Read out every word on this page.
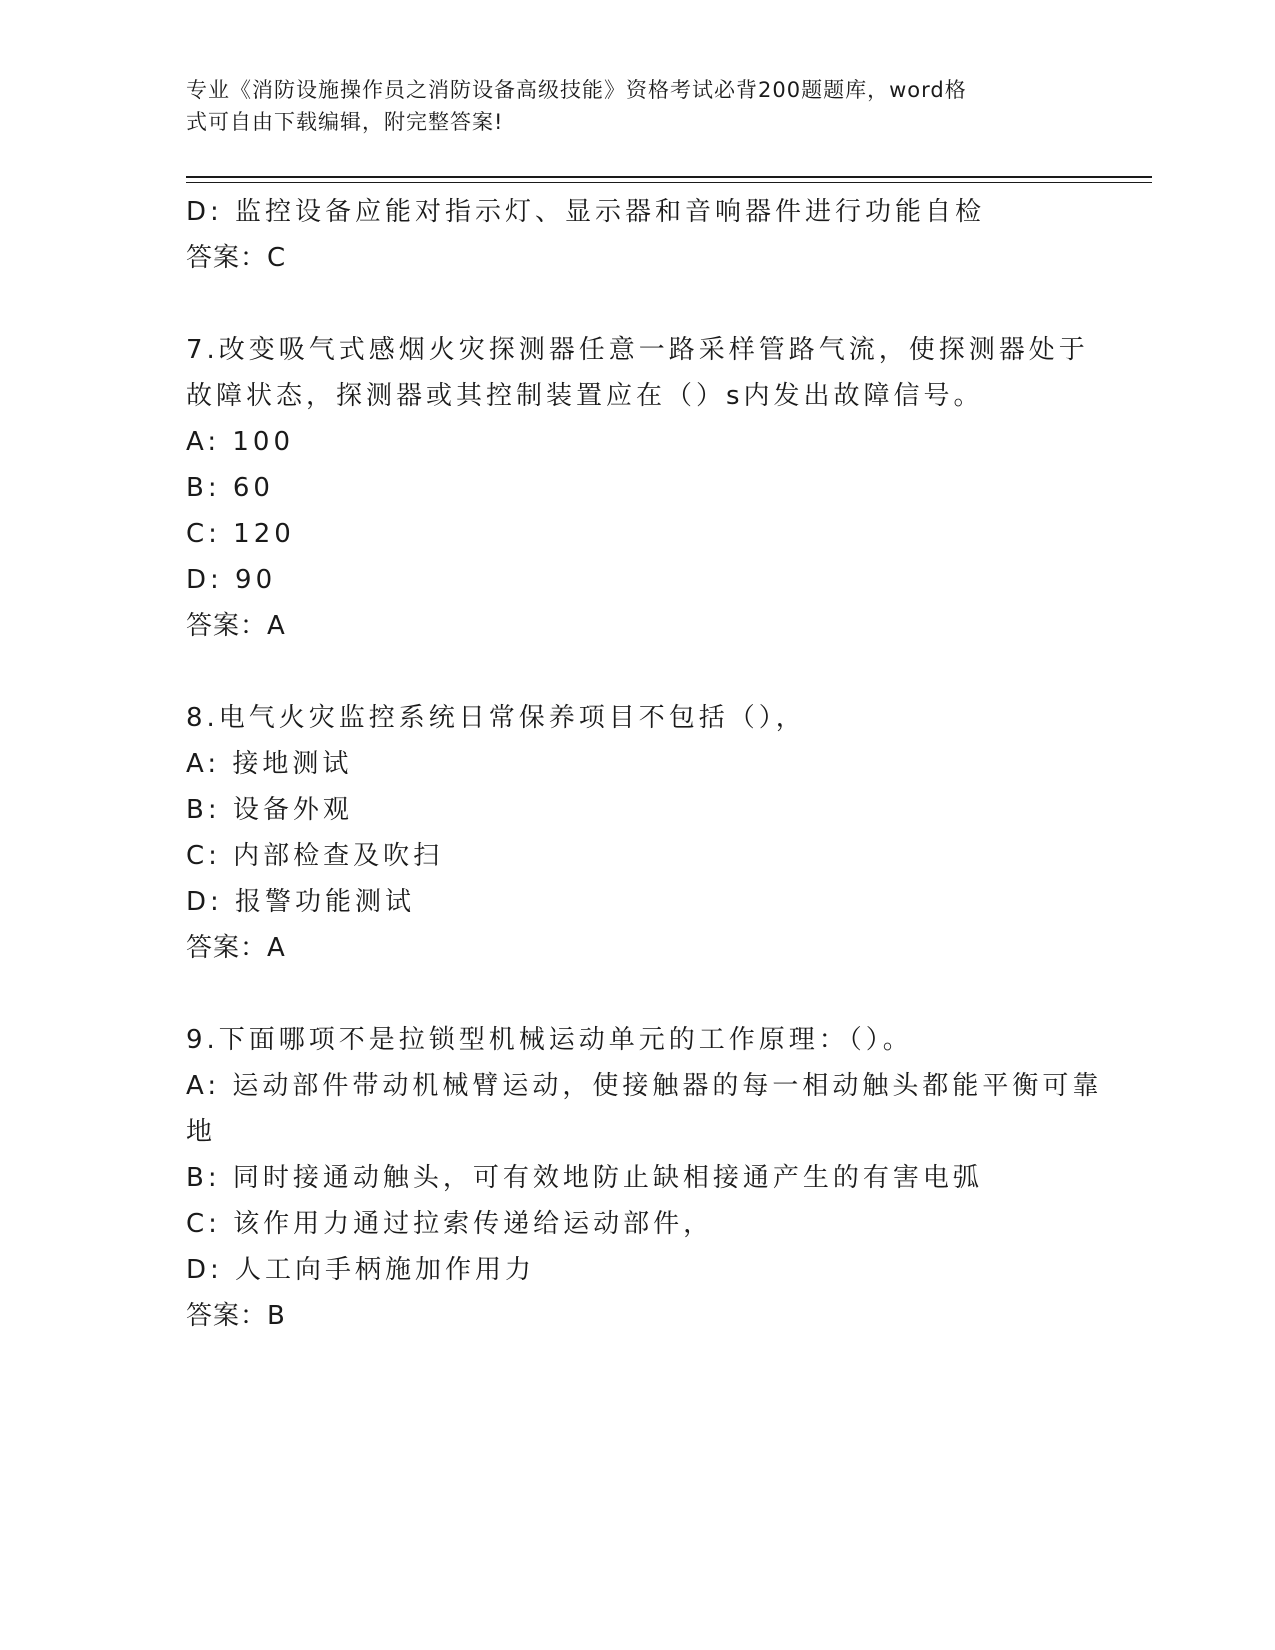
专业《消防设施操作员之消防设备高级技能》资格考试必背200题题库，word格
式可自由下载编辑，附完整答案!
D: 监控设备应能对指示灯、显示器和音响器件进行功能自检
答案：C
7.改变吸气式感烟火灾探测器任意一路采样管路气流，使探测器处于
故障状态，探测器或其控制装置应在（）s内发出故障信号。
A: 100
B: 60
C: 120
D: 90
答案：A
8.电气火灾监控系统日常保养项目不包括（），
A: 接地测试
B: 设备外观
C: 内部检查及吹扫
D: 报警功能测试
答案：A
9.下面哪项不是拉锁型机械运动单元的工作原理：（）。
A: 运动部件带动机械臂运动，使接触器的每一相动触头都能平衡可靠
地
B: 同时接通动触头，可有效地防止缺相接通产生的有害电弧
C: 该作用力通过拉索传递给运动部件，
D: 人工向手柄施加作用力
答案：B
